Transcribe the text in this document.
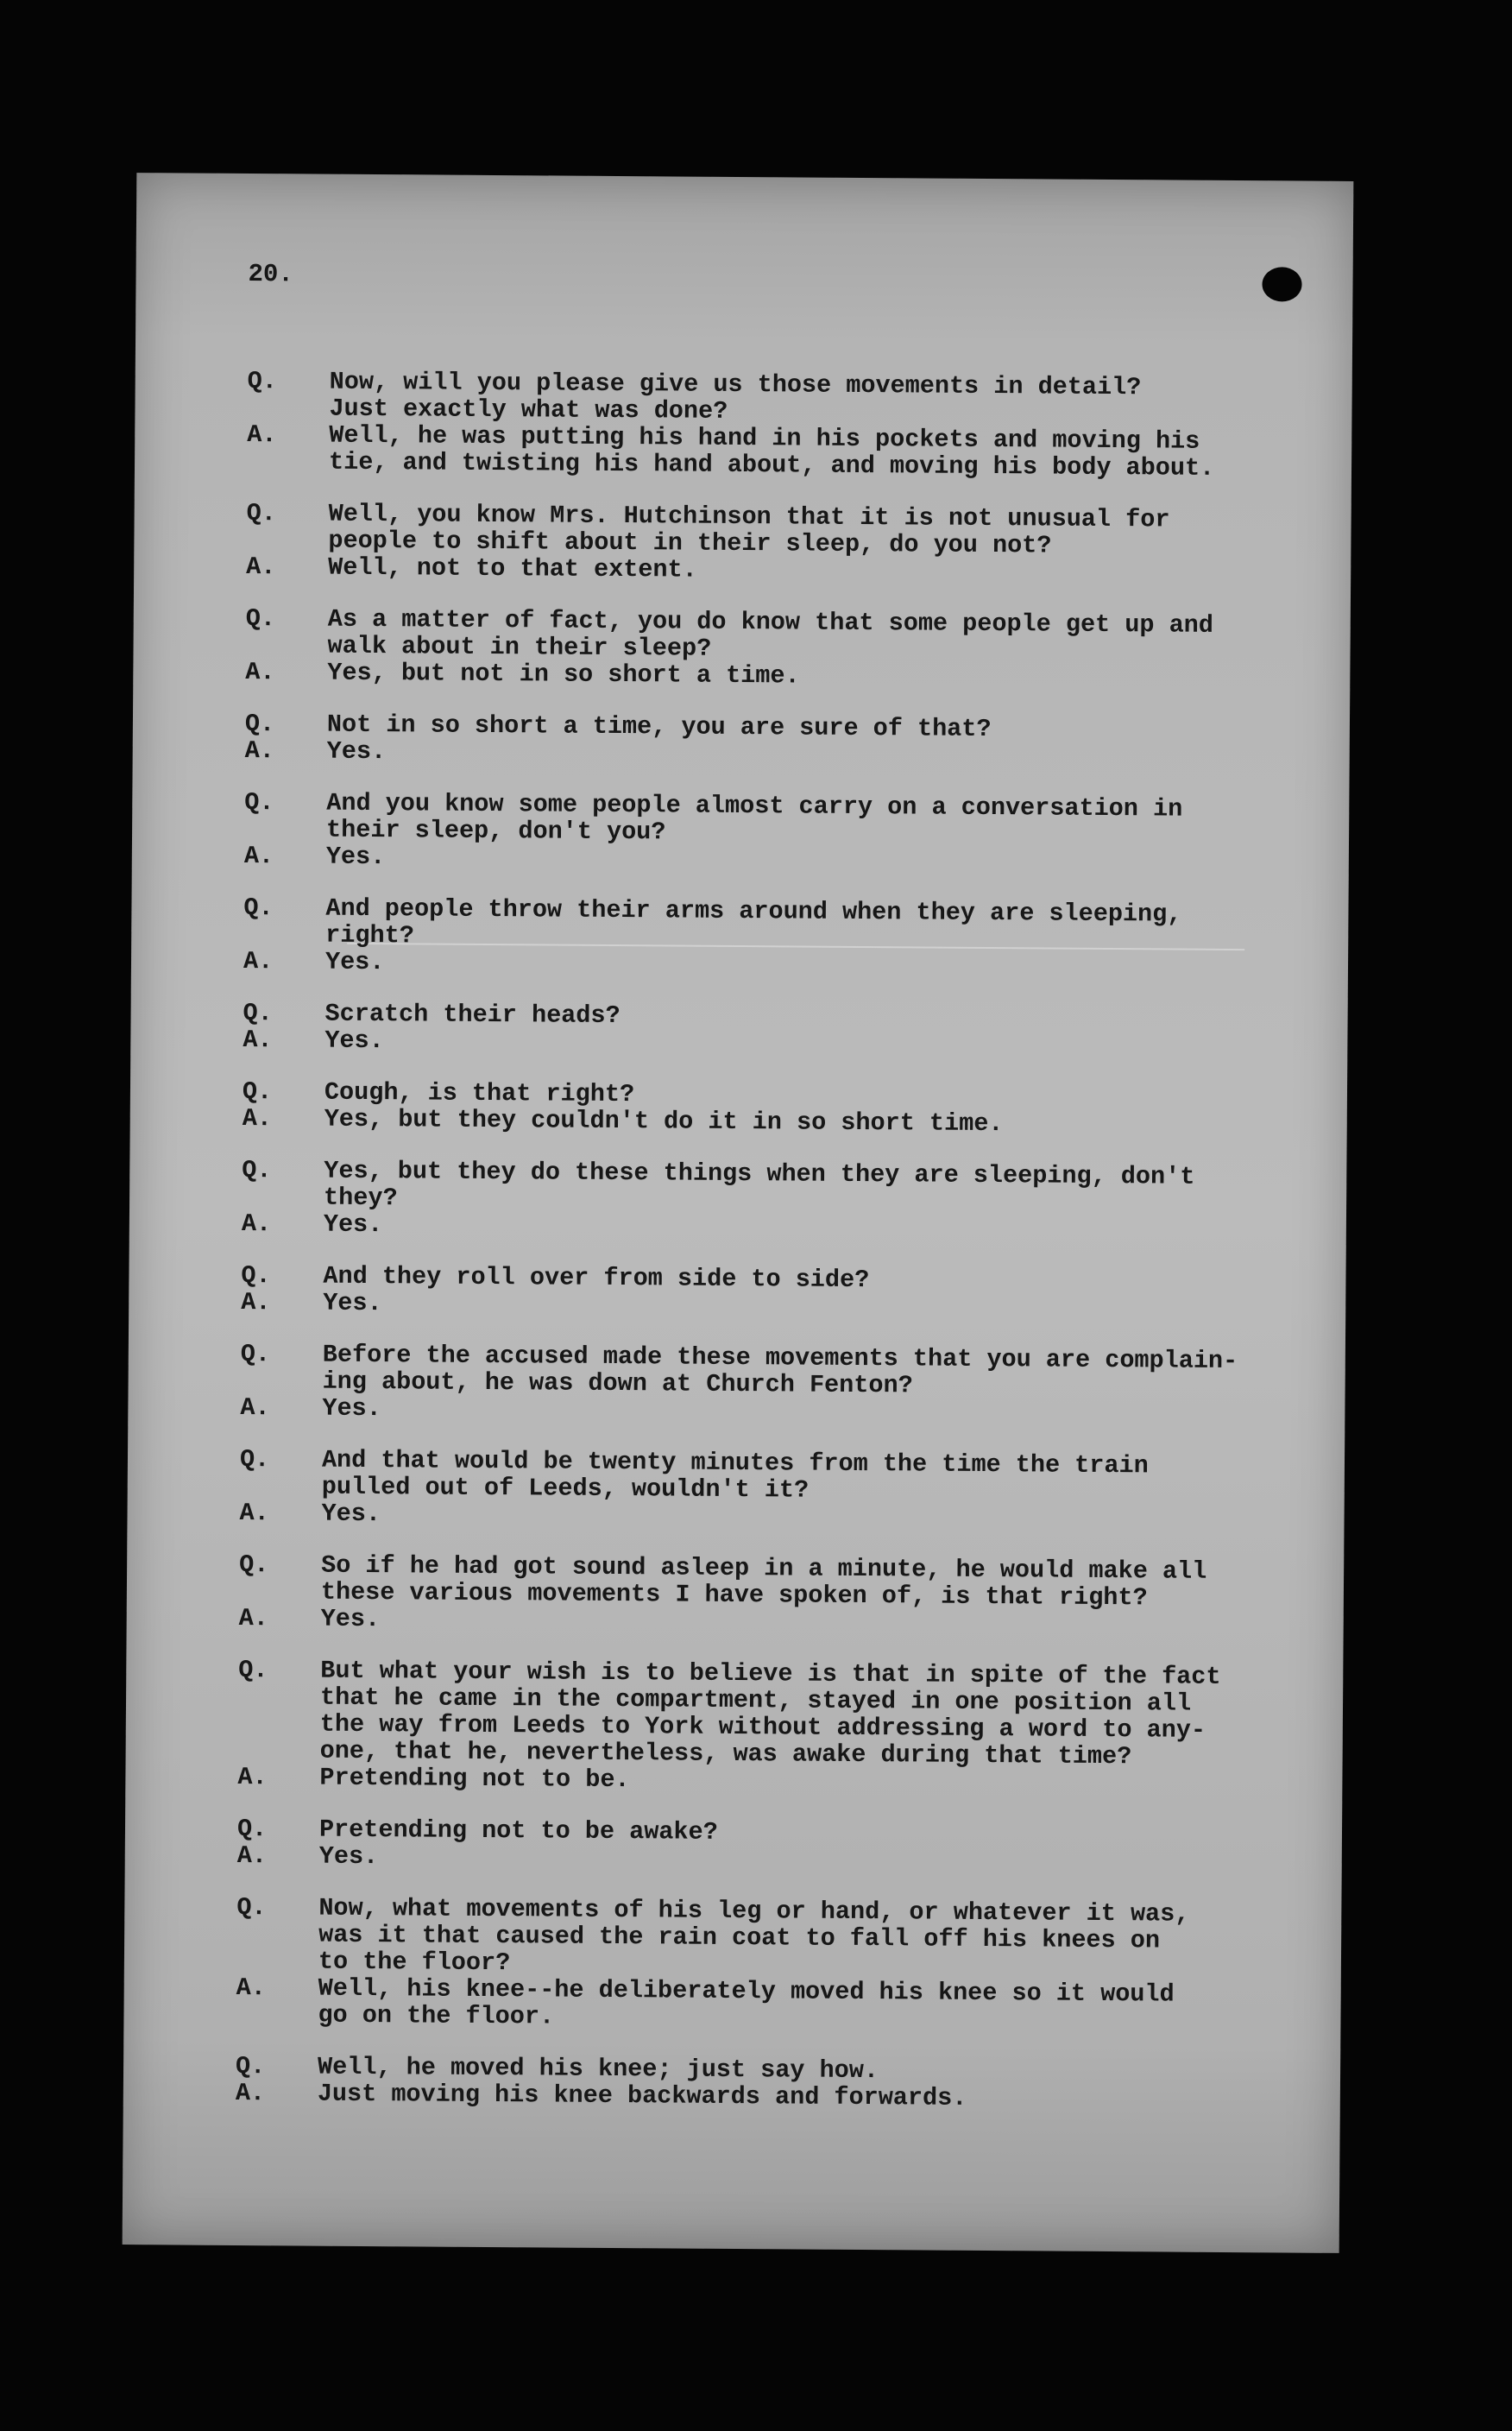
20.
Q.	Now, will you please give us those movements in detail?
Just exactly what was done?
A.	Well, he was putting his hand in his pockets and moving his
tie, and twisting his hand about, and moving his body about.
Q.	Well, you know Mrs. Hutchinson that it is not unusual for
people to shift about in their sleep, do you not?
A.	Well, not to that extent.
Q.	As a matter of fact, you do know that some people get up and
walk about in their sleep?
A.	Yes, but not in so short a time.
Q.	Not in so short a time, you are sure of that?
A.	Yes.
Q.	And you know some people almost carry on a conversation in
their sleep, don't you?
A.	Yes.
Q.	And people throw their arms around when they are sleeping,
right?
A.	Yes.
Q.	Scratch their heads?
A.	Yes.
Q.	Cough, is that right?
A.	Yes, but they couldn't do it in so short time.
Q.	Yes, but they do these things when they are sleeping, don't
they?
A.	Yes.
Q.	And they roll over from side to side?
A.	Yes.
Q.	Before the accused made these movements that you are complain-
ing about, he was down at Church Fenton?
A.	Yes.
Q.	And that would be twenty minutes from the time the train
pulled out of Leeds, wouldn't it?
A.	Yes.
Q.	So if he had got sound asleep in a minute, he would make all
these various movements I have spoken of, is that right?
A.	Yes.
Q.	But what your wish is to believe is that in spite of the fact
that he came in the compartment, stayed in one position all
the way from Leeds to York without addressing a word to any-
one, that he, nevertheless, was awake during that time?
A.	Pretending not to be.
Q.	Pretending not to be awake?
A.	Yes.
Q.	Now, what movements of his leg or hand, or whatever it was,
was it that caused the rain coat to fall off his knees on
to the floor?
A.	Well, his knee--he deliberately moved his knee so it would
go on the floor.
Q.	Well, he moved his knee; just say how.
A.	Just moving his knee backwards and forwards.
